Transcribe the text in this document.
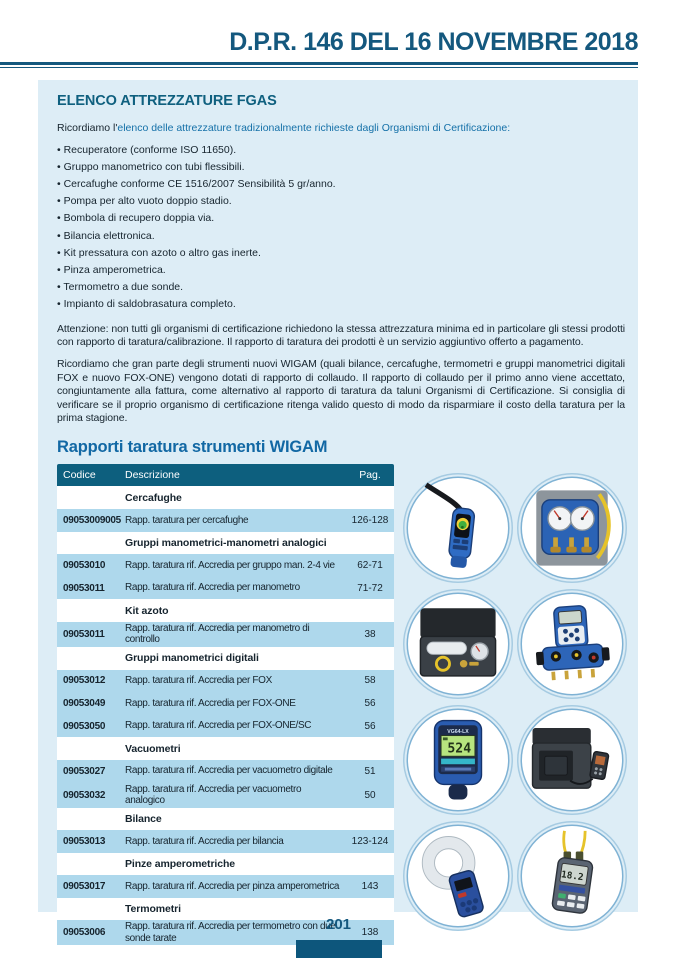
D.P.R. 146 DEL 16 NOVEMBRE 2018
ELENCO ATTREZZATURE FGAS

Ricordiamo l'elenco delle attrezzature tradizionalmente richieste dagli Organismi di Certificazione:

• Recuperatore (conforme ISO 11650).
• Gruppo manometrico con tubi flessibili.
• Cercafughe conforme CE 1516/2007 Sensibilità 5 gr/anno.
• Pompa per alto vuoto doppio stadio.
• Bombola di recupero doppia via.
• Bilancia elettronica.
• Kit pressatura con azoto o altro gas inerte.
• Pinza amperometrica.
• Termometro a due sonde.
• Impianto di saldobrasatura completo.

Attenzione: non tutti gli organismi di certificazione richiedono la stessa attrezzatura minima ed in particolare gli stessi prodotti con rapporto di taratura/calibrazione. Il rapporto di taratura dei prodotti è un servizio aggiuntivo offerto a pagamento.

Ricordiamo che gran parte degli strumenti nuovi WIGAM (quali bilance, cercafughe, termometri e gruppi manometrici digitali FOX e nuovo FOX-ONE) vengono dotati di rapporto di collaudo. Il rapporto di collaudo per il primo anno viene accettato, congiuntamente alla fattura, come alternativo al rapporto di taratura da taluni Organismi di Certificazione. Si consiglia di verificare se il proprio organismo di certificazione ritenga valido questo di modo da risparmiare il costo della taratura per la prima stagione.

Rapporti taratura strumenti WIGAM
Codice	Descrizione	Pag.
Cercafughe
09053009005 Rapp. taratura per cercafughe	126-128
Gruppi manometrici-manometri analogici
09053010	Rapp. taratura rif. Accredia per gruppo man. 2-4 vie	62-71
09053011	Rapp. taratura rif. Accredia per manometro	71-72
Kit azoto
09053011
Rapp. taratura rif. Accredia per manometro di controllo	38
Gruppi manometrici digitali
09053012	Rapp. taratura rif. Accredia per FOX	58
09053049	Rapp. taratura rif. Accredia per FOX-ONE	56
09053050	Rapp. taratura rif. Accredia per FOX-ONE/SC	56
Vacuometri
09053027	Rapp. taratura rif. Accredia per vacuometro digitale	51
09053032
Rapp. taratura rif. Accredia per vacuometro analogico	50
Bilance
09053013	Rapp. taratura rif. Accredia per bilancia	123-124
Pinze amperometriche
09053017	Rapp. taratura rif. Accredia per pinza amperometrica	143
Termometri
09053006
Rapp. taratura rif. Accredia per termometro con due sonde tarate	138
VG64-LX
524
18.2
201
